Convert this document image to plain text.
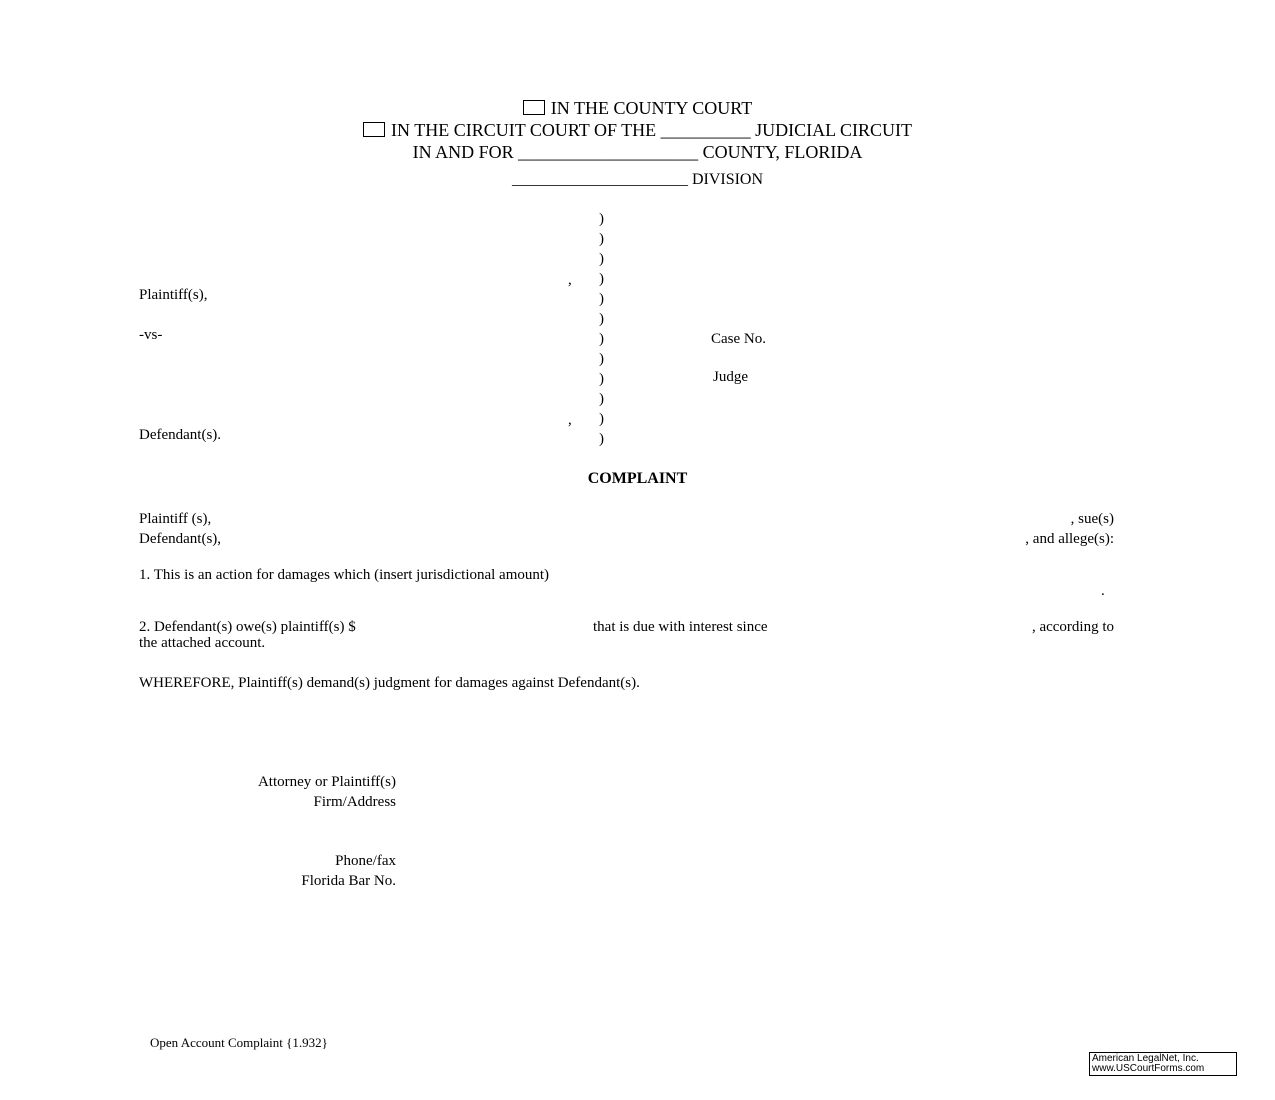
IN THE COUNTY COURT
IN THE CIRCUIT COURT OF THE __________ JUDICIAL CIRCUIT
IN AND FOR ____________________ COUNTY, FLORIDA
______________________ DIVISION
)
)
)
)
)
)
)
)
)
)
)
)
,
,
Plaintiff(s),
-vs-
Defendant(s).
Case No.
Judge
COMPLAINT
Plaintiff (s),	, sue(s)
Defendant(s),	, and allege(s):
1. This is an action for damages which (insert jurisdictional amount)
.
2. Defendant(s) owe(s) plaintiff(s) $	that is due with interest since	, according to
the attached account.
WHEREFORE, Plaintiff(s) demand(s) judgment for damages against Defendant(s).
Attorney or Plaintiff(s)
Firm/Address
Phone/fax
Florida Bar No.
Open Account Complaint {1.932}
American LegalNet, Inc.
www.USCourtForms.com
